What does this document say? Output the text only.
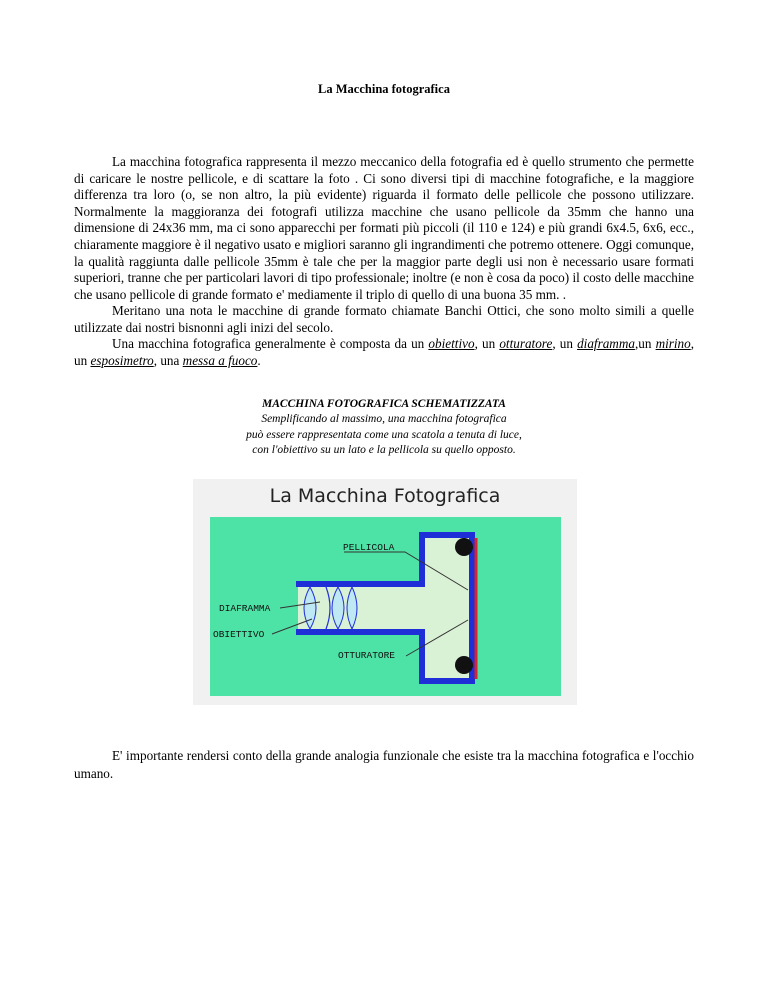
La Macchina fotografica
La macchina fotografica rappresenta il mezzo meccanico della fotografia ed è quello strumento che permette di caricare le nostre pellicole, e di scattare la foto . Ci sono diversi tipi di macchine fotografiche, e la maggiore differenza tra loro (o, se non altro, la più evidente) riguarda il formato delle pellicole che possono utilizzare. Normalmente la maggioranza dei fotografi utilizza macchine che usano pellicole da 35mm che hanno una dimensione di 24x36 mm, ma ci sono apparecchi per formati più piccoli (il 110 e 124) e più grandi 6x4.5, 6x6, ecc., chiaramente maggiore è il negativo usato e migliori saranno gli ingrandimenti che potremo ottenere. Oggi comunque, la qualità raggiunta dalle pellicole 35mm è tale che per la maggior parte degli usi non è necessario usare formati superiori, tranne che per particolari lavori di tipo professionale; inoltre (e non è cosa da poco) il costo delle macchine che usano pellicole di grande formato e' mediamente il triplo di quello di una buona 35 mm. .
Meritano una nota le macchine di grande formato chiamate Banchi Ottici, che sono molto simili a quelle utilizzate dai nostri bisnonni agli inizi del secolo.
Una macchina fotografica generalmente è composta da un obiettivo, un otturatore, un diaframma,un mirino, un esposimetro, una messa a fuoco.
MACCHINA FOTOGRAFICA SCHEMATIZZATA
Semplificando al massimo, una macchina fotografica
può essere rappresentata come una scatola a tenuta di luce,
con l'obiettivo su un lato e la pellicola su quello opposto.
La Macchina Fotografica
PELLICOLA
DIAFRAMMA
OBIETTIVO
OTTURATORE
E' importante rendersi conto della grande analogia funzionale che esiste tra la macchina fotografica e l'occhio umano.
